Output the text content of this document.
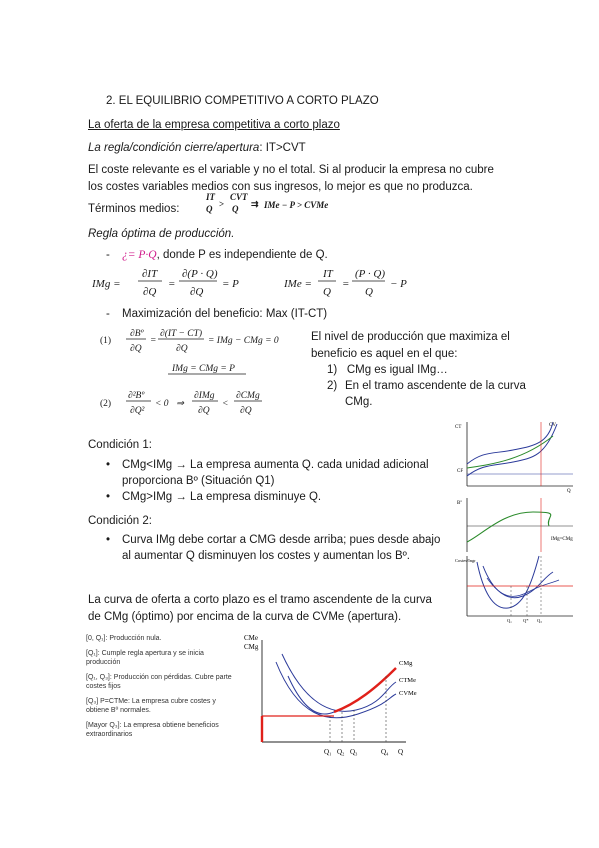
2. EL EQUILIBRIO COMPETITIVO A CORTO PLAZO
La oferta de la empresa competitiva a corto plazo
La regla/condición cierre/apertura: IT>CVT
El coste relevante es el variable y no el total. Si al producir la empresa no cubre los costes variables medios con sus ingresos, lo mejor es que no produzca.
Términos medios:
IT
Q >
CVT
Q ⇉ IMe − P > CVMe
Regla óptima de producción.
- ¿= P·Q, donde P es independiente de Q.
IMg =
∂IT
∂Q
=
∂(P · Q)
∂Q
= P	IMe =
IT
Q
=
(P · Q)
Q
− P
- Maximización del beneficio: Max (IT-CT)
(1)
∂Bº
∂Q
=
∂(IT − CT)
∂Q
= IMg − CMg = 0
IMg = CMg = P
(2)
∂²Bº
∂Q²
< 0 ⇒
∂IMg
∂Q
<
∂CMg
∂Q
El nivel de producción que maximiza el beneficio es aquel en el que:
1)   CMg es igual IMg…
2) En el tramo ascendente de la curva CMg.
Condición 1:
•	CMg<IMg → La empresa aumenta Q. cada unidad adicional proporciona Bº (Situación Q1)
•	CMg>IMg → La empresa disminuye Q.
Condición 2:
•	Curva IMg debe cortar a CMG desde arriba; pues desde abajo al aumentar Q disminuyen los costes y aumentan los Bº.
La curva de oferta a corto plazo es el tramo ascendente de la curva de CMg (óptimo) por encima de la curva de CVMe (apertura).
CT	CV
CF
Q
Bº
IMg=CMg
Costes/Ingr
Q₁ Q* Q₃
[0, Q₁]: Producción nula.
[Q₁]: Cumple regla apertura y se inicia producción
[Q₁, Q₃]: Producción con pérdidas. Cubre parte costes fijos
[Q₃] P=CTMe: La empresa cubre costes y obtiene Bº normales.
[Mayor Q₃]: La empresa obtiene beneficios extraordinarios
CMe
CMg
CMg
CTMe
CVMe
Q₁ Q₂ Q₃	Q₄ Q
